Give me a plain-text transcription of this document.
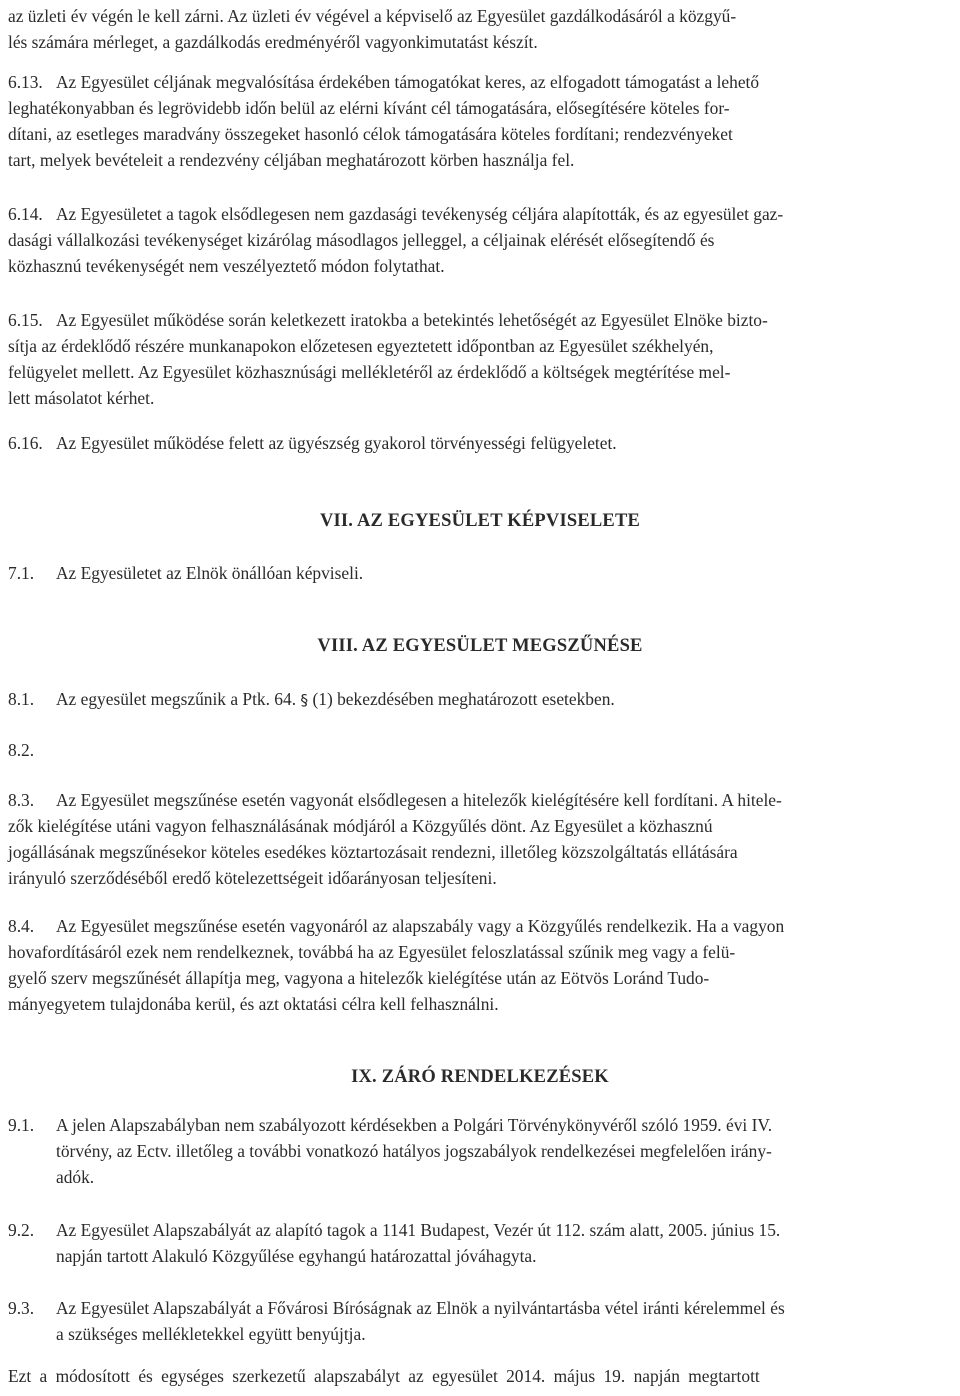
az üzleti év végén le kell zárni. Az üzleti év végével a képviselő az Egyesület gazdálkodásáról a közgyű-
lés számára mérleget, a gazdálkodás eredményéről vagyonkimutatást készít.
6.13. Az Egyesület céljának megvalósítása érdekében támogatókat keres, az elfogadott támogatást a lehető
leghatékonyabban és legrövidebb időn belül az elérni kívánt cél támogatására, elősegítésére köteles for-
dítani, az esetleges maradvány összegeket hasonló célok támogatására köteles fordítani; rendezvényeket
tart, melyek bevételeit a rendezvény céljában meghatározott körben használja fel.
6.14. Az Egyesületet a tagok elsődlegesen nem gazdasági tevékenység céljára alapították, és az egyesület gaz-
dasági vállalkozási tevékenységet kizárólag másodlagos jelleggel, a céljainak elérését elősegítendő és
közhasznú tevékenységét nem veszélyeztető módon folytathat.
6.15. Az Egyesület működése során keletkezett iratokba a betekintés lehetőségét az Egyesület Elnöke bizto-
sítja az érdeklődő részére munkanapokon előzetesen egyeztetett időpontban az Egyesület székhelyén,
felügyelet mellett. Az Egyesület közhasznúsági mellékletéről az érdeklődő a költségek megtérítése mel-
lett másolatot kérhet.
6.16. Az Egyesület működése felett az ügyészség gyakorol törvényességi felügyeletet.
VII. AZ EGYESÜLET KÉPVISELETE
7.1.	Az Egyesületet az Elnök önállóan képviseli.
VIII. AZ EGYESÜLET MEGSZŰNÉSE
8.1.	Az egyesület megszűnik a Ptk. 64. § (1) bekezdésében meghatározott esetekben.
8.2.
8.3.	Az Egyesület megszűnése esetén vagyonát elsődlegesen a hitelezők kielégítésére kell fordítani. A hitele-
zők kielégítése utáni vagyon felhasználásának módjáról a Közgyűlés dönt. Az Egyesület a közhasznú
jogállásának megszűnésekor köteles esedékes köztartozásait rendezni, illetőleg közszolgáltatás ellátására
irányuló szerződéséből eredő kötelezettségeit időarányosan teljesíteni.
8.4.	Az Egyesület megszűnése esetén vagyonáról az alapszabály vagy a Közgyűlés rendelkezik. Ha a vagyon
hovafordításáról ezek nem rendelkeznek, továbbá ha az Egyesület feloszlatással szűnik meg vagy a felü-
gyelő szerv megszűnését állapítja meg, vagyona a hitelezők kielégítése után az Eötvös Loránd Tudo-
mányegyetem tulajdonába kerül, és azt oktatási célra kell felhasználni.
IX. ZÁRÓ RENDELKEZÉSEK
9.1.	A jelen Alapszabályban nem szabályozott kérdésekben a Polgári Törvénykönyvéről szóló 1959. évi IV.
törvény, az Ectv. illetőleg a további vonatkozó hatályos jogszabályok rendelkezései megfelelően irány-
adók.
9.2.	Az Egyesület Alapszabályát az alapító tagok a 1141 Budapest, Vezér út 112. szám alatt, 2005. június 15.
napján tartott Alakuló Közgyűlése egyhangú határozattal jóváhagyta.
9.3.	Az Egyesület Alapszabályát a Fővárosi Bíróságnak az Elnök a nyilvántartásba vétel iránti kérelemmel és
a szükséges mellékletekkel együtt benyújtja.
Ezt a módosított és egységes szerkezetű alapszabályt az egyesület 2014. május 19. napján megtartott
